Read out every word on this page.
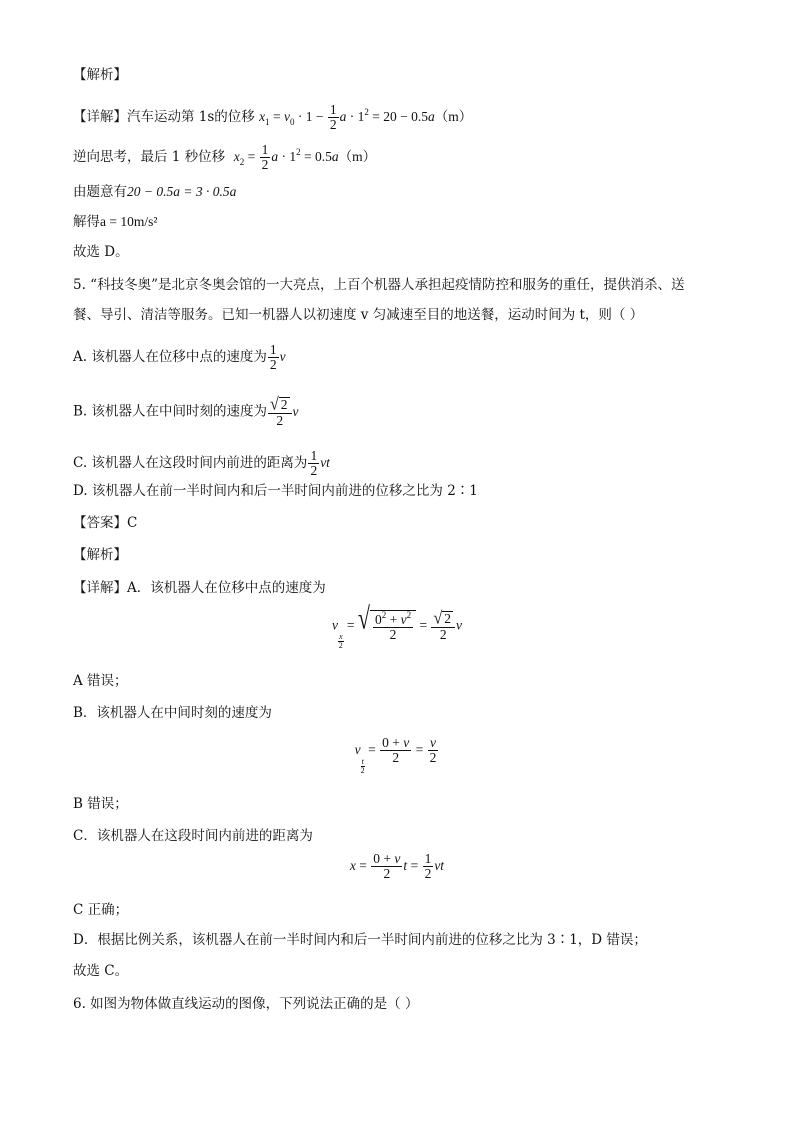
【解析】
【详解】汽车运动第 1s的位移 $x_1 = v_0 \cdot 1 - \frac{1}{2}$ $a \cdot 1^2 = 20 - 0.5a(m)$
逆向思考，最后 1 秒位移 $x_2 = \frac{1}{2}$ $a \cdot 1^2 = 0.5a(m)$
由题意有20 − 0.5a = 3 · 0.5a
解得a = 10m/s²
故选 D。
5. “科技冬奥”是北京冬奥会馆的一大亮点，上百个机器人承担起疫情防控和服务的重任，提供消杀、送
餐、导引、清洁等服务。已知一机器人以初速度 v 匀减速至目的地送餐，运动时间为 t，则（ ）
A. 该机器人在位移中点的速度为 $\frac{1}{2}$ v
B. 该机器人在中间时刻的速度为 $\frac{√ 2}{2}$ v
C. 该机器人在这段时间内前进的距离为 $\frac{1}{2}$ vt
D. 该机器人在前一半时间内和后一半时间内前进的位移之比为 2∶1
【答案】C
【解析】
【详解】A．该机器人在位移中点的速度为
v
$\frac{x}{2}$
= √ $\frac{0^2 + v^2}{2} = \frac{√ 2}{2}$ v
A 错误；
B．该机器人在中间时刻的速度为
v
$\frac{t}{2}$
= $\frac{0 + v}{2} = \frac{v}{2}$
B 错误；
C．该机器人在这段时间内前进的距离为
$x = \frac{0 + v}{2}$ $t = \frac{1}{2}$ vt
C 正确；
D．根据比例关系，该机器人在前一半时间内和后一半时间内前进的位移之比为 3∶1，D 错误；
故选 C。
6. 如图为物体做直线运动的图像，下列说法正确的是（ ）
